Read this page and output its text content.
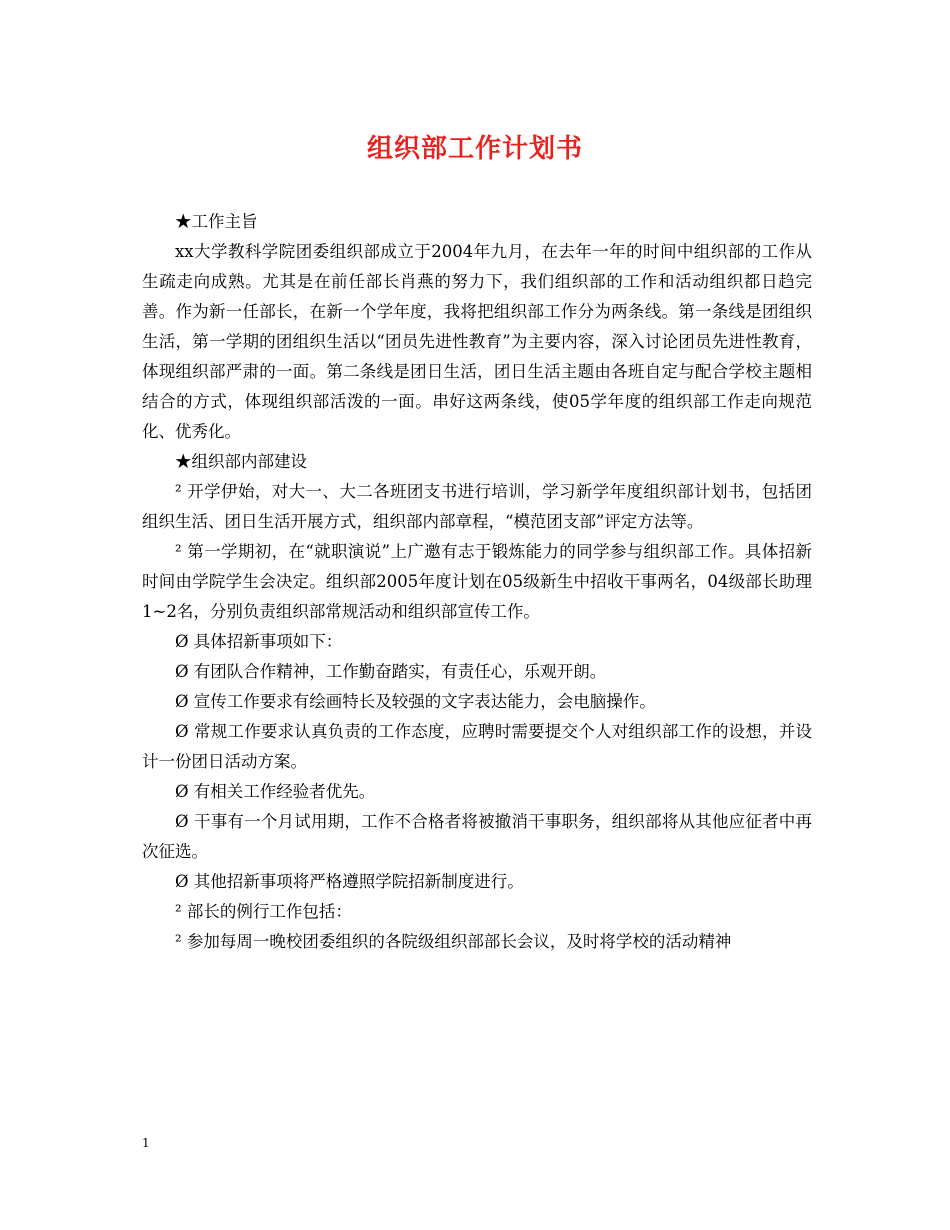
组织部工作计划书

★工作主旨

xx大学教科学院团委组织部成立于2004年九月，在去年一年的时间中组织部的工作从生疏走向成熟。尤其是在前任部长肖燕的努力下，我们组织部的工作和活动组织都日趋完善。作为新一任部长，在新一个学年度，我将把组织部工作分为两条线。第一条线是团组织生活，第一学期的团组织生活以“团员先进性教育”为主要内容，深入讨论团员先进性教育，体现组织部严肃的一面。第二条线是团日生活，团日生活主题由各班自定与配合学校主题相结合的方式，体现组织部活泼的一面。串好这两条线，使05学年度的组织部工作走向规范化、优秀化。

★组织部内部建设

² 开学伊始，对大一、大二各班团支书进行培训，学习新学年度组织部计划书，包括团组织生活、团日生活开展方式，组织部内部章程，“模范团支部”评定方法等。

² 第一学期初，在“就职演说”上广邀有志于锻炼能力的同学参与组织部工作。具体招新时间由学院学生会决定。组织部2005年度计划在05级新生中招收干事两名，04级部长助理1~2名，分别负责组织部常规活动和组织部宣传工作。

Ø 具体招新事项如下：

Ø 有团队合作精神，工作勤奋踏实，有责任心，乐观开朗。

Ø 宣传工作要求有绘画特长及较强的文字表达能力，会电脑操作。

Ø 常规工作要求认真负责的工作态度，应聘时需要提交个人对组织部工作的设想，并设计一份团日活动方案。

Ø 有相关工作经验者优先。

Ø 干事有一个月试用期，工作不合格者将被撤消干事职务，组织部将从其他应征者中再次征选。

Ø 其他招新事项将严格遵照学院招新制度进行。

² 部长的例行工作包括：

² 参加每周一晚校团委组织的各院级组织部部长会议，及时将学校的活动精神

1
